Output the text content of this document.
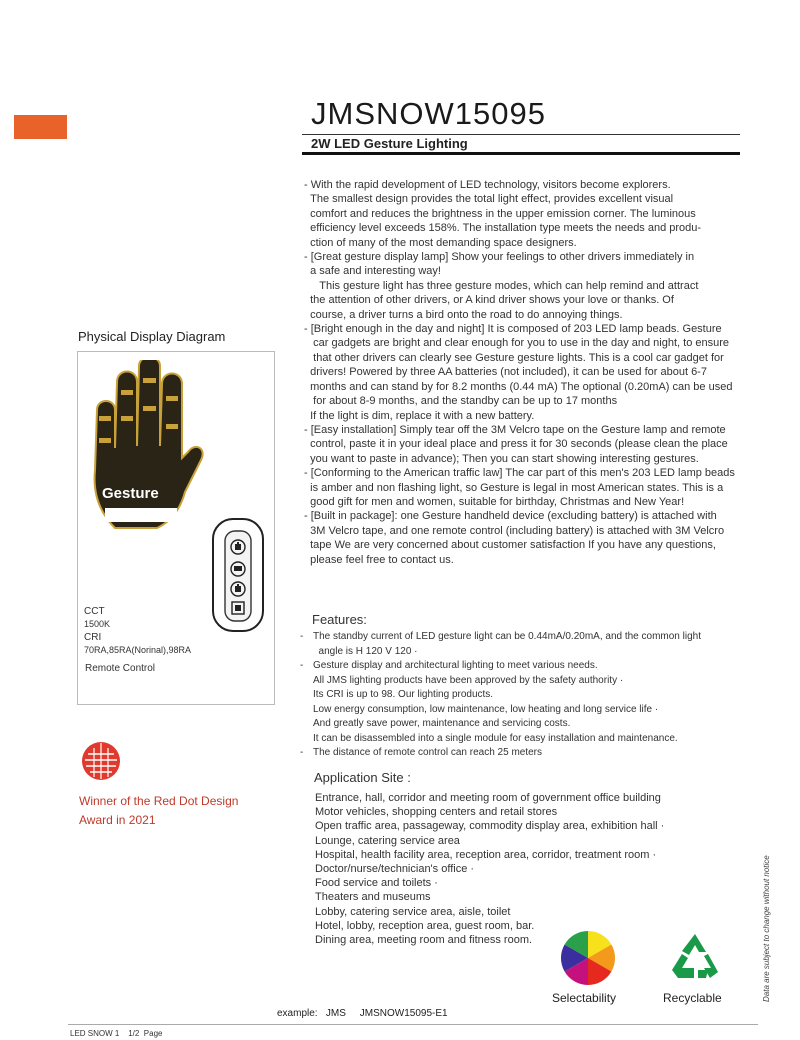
JMSNOW15095
2W LED Gesture Lighting

- With the rapid development of LED technology, visitors become explorers.
The smallest design provides the total light effect, provides excellent visual
comfort and reduces the brightness in the upper emission corner. The luminous
efficiency level exceeds 158%. The installation type meets the needs and produ-
ction of many of the most demanding space designers.

- [Great gesture display lamp] Show your feelings to other drivers immediately in
a safe and interesting way!
This gesture light has three gesture modes, which can help remind and attract
the attention of other drivers, or A kind driver shows your love or thanks. Of
course, a driver turns a bird onto the road to do annoying things.

- [Bright enough in the day and night] It is composed of 203 LED lamp beads. Gesture
car gadgets are bright and clear enough for you to use in the day and night, to ensure
that other drivers can clearly see Gesture gesture lights. This is a cool car gadget for
drivers! Powered by three AA batteries (not included), it can be used for about 6-7
months and can stand by for 8.2 months (0.44 mA) The optional (0.20mA) can be used
for about 8-9 months, and the standby can be up to 17 months
If the light is dim, replace it with a new battery.

- [Easy installation] Simply tear off the 3M Velcro tape on the Gesture lamp and remote
control, paste it in your ideal place and press it for 30 seconds (please clean the place
you want to paste in advance); Then you can start showing interesting gestures.

- [Conforming to the American traffic law] The car part of this men's 203 LED lamp beads
is amber and non flashing light, so Gesture is legal in most American states. This is a
good gift for men and women, suitable for birthday, Christmas and New Year!

- [Built in package]: one Gesture handheld device (excluding battery) is attached with
3M Velcro tape, and one remote control (including battery) is attached with 3M Velcro
tape We are very concerned about customer satisfaction If you have any questions,
please feel free to contact us.

Physical Display Diagram
Gesture
CCT
1500K
CRI
70RA,85RA(Norinal),98RA
Remote Control
Winner of the Red Dot Design
Award in 2021
Features:
- The standby current of LED gesture light can be 0.44mA/0.20mA, and the common light
angle is H 120 V 120 ·
- Gesture display and architectural lighting to meet various needs.
All JMS lighting products have been approved by the safety authority ·
Its CRI is up to 98. Our lighting products.
Low energy consumption, low maintenance, low heating and long service life ·
And greatly save power, maintenance and servicing costs.
It can be disassembled into a single module for easy installation and maintenance.
- The distance of remote control can reach 25 meters
Application Site :
Entrance, hall, corridor and meeting room of government office building
Motor vehicles, shopping centers and retail stores
Open traffic area, passageway, commodity display area, exhibition hall ·
Lounge, catering service area
Hospital, health facility area, reception area, corridor, treatment room ·
Doctor/nurse/technician's office ·
Food service and toilets ·
Theaters and museums
Lobby, catering service area, aisle, toilet
Hotel, lobby, reception area, guest room, bar.
Dining area, meeting room and fitness room.
Selectability	Recyclable	Data are subject to change without notice
example:   JMS     JMSNOW15095-E1
LED SNOW 1    1/2  Page
